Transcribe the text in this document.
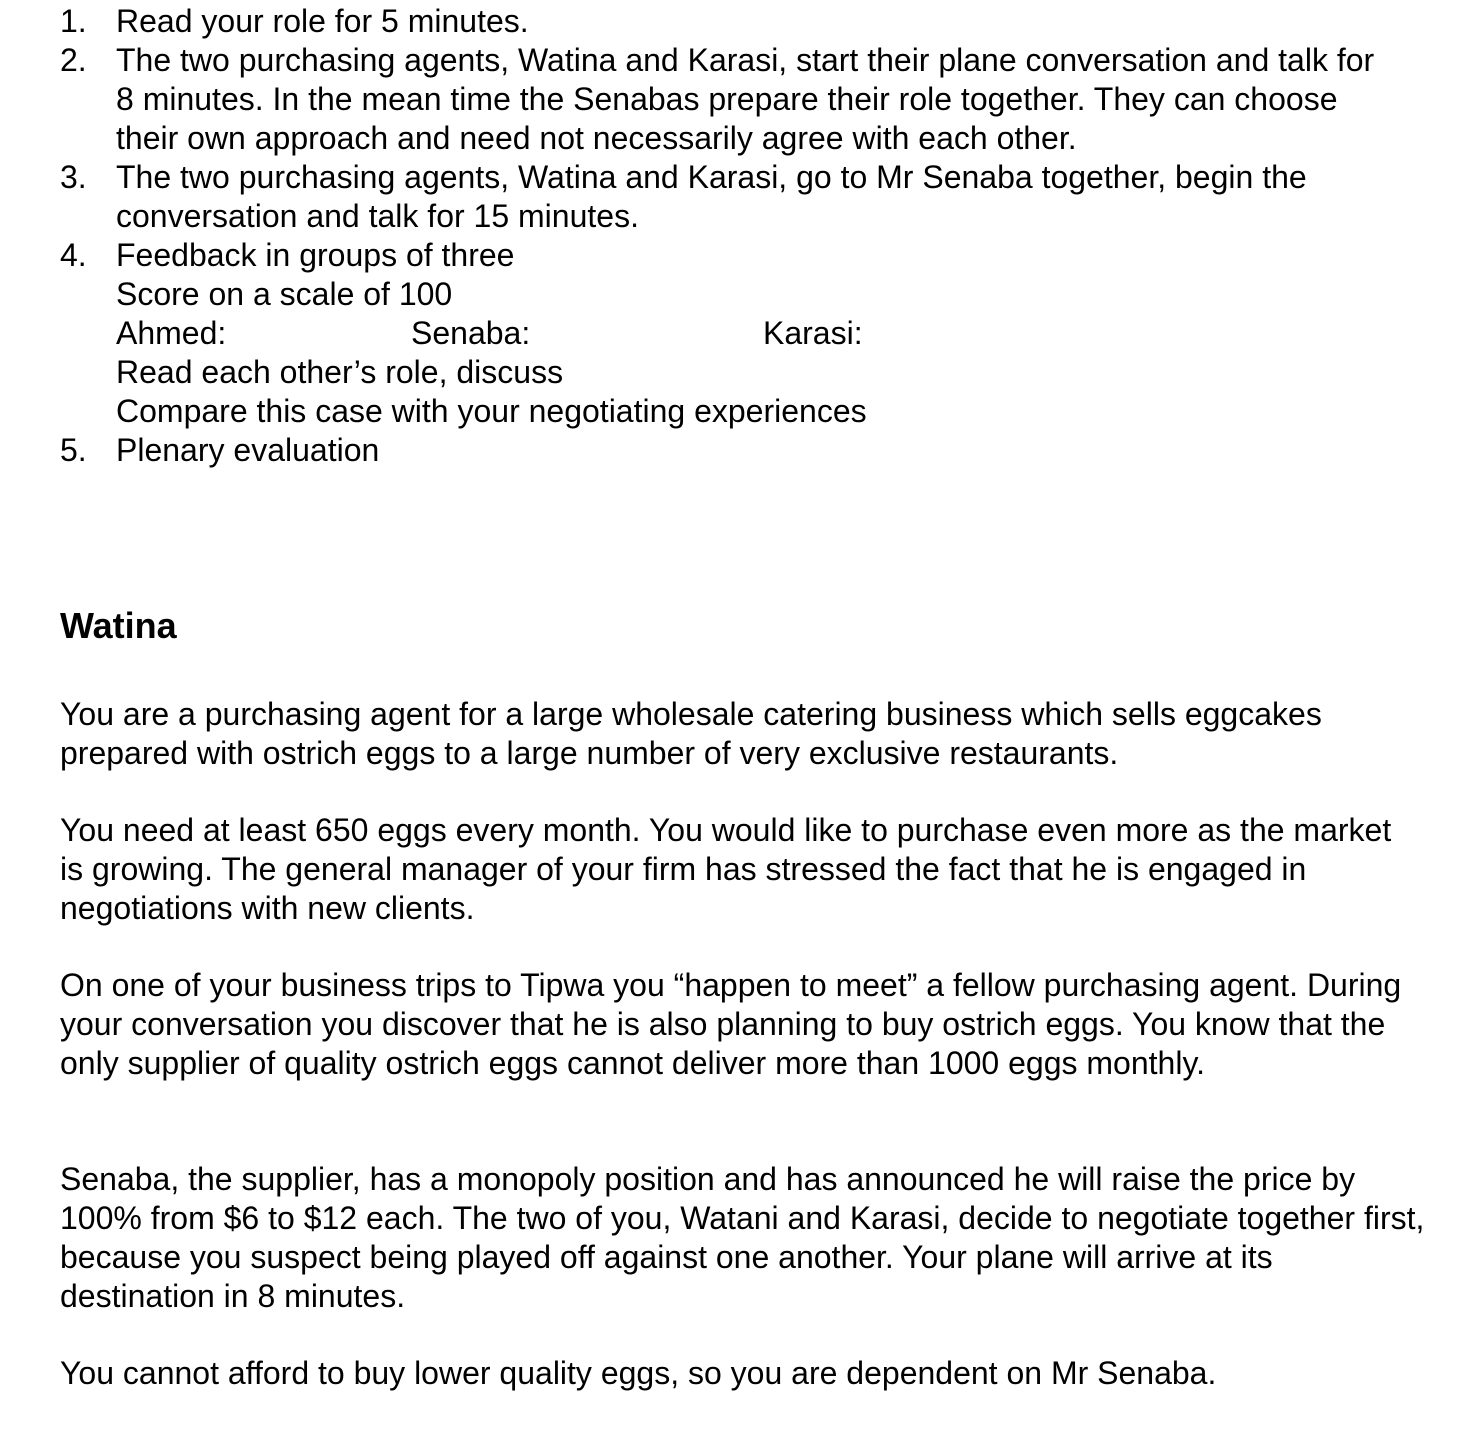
1. Read your role for 5 minutes.
2. The two purchasing agents, Watina and Karasi, start their plane conversation and talk for 8 minutes. In the mean time the Senabas prepare their role together. They can choose their own approach and need not necessarily agree with each other.
3. The two purchasing agents, Watina and Karasi, go to Mr Senaba together, begin the conversation and talk for 15 minutes.
4. Feedback in groups of three
Score on a scale of 100
Ahmed:	Senaba:	Karasi:
Read each other’s role, discuss
Compare this case with your negotiating experiences
5. Plenary evaluation
Watina

You are a purchasing agent for a large wholesale catering business which sells eggcakes prepared with ostrich eggs to a large number of very exclusive restaurants.

You need at least 650 eggs every month. You would like to purchase even more as the market is growing. The general manager of your firm has stressed the fact that he is engaged in negotiations with new clients.

On one of your business trips to Tipwa you “happen to meet” a fellow purchasing agent. During your conversation you discover that he is also planning to buy ostrich eggs. You know that the only supplier of quality ostrich eggs cannot deliver more than 1000 eggs monthly.

Senaba, the supplier, has a monopoly position and has announced he will raise the price by 100% from $6 to $12 each. The two of you, Watani and Karasi, decide to negotiate together first, because you suspect being played off against one another. Your plane will arrive at its destination in 8 minutes.

You cannot afford to buy lower quality eggs, so you are dependent on Mr Senaba.
